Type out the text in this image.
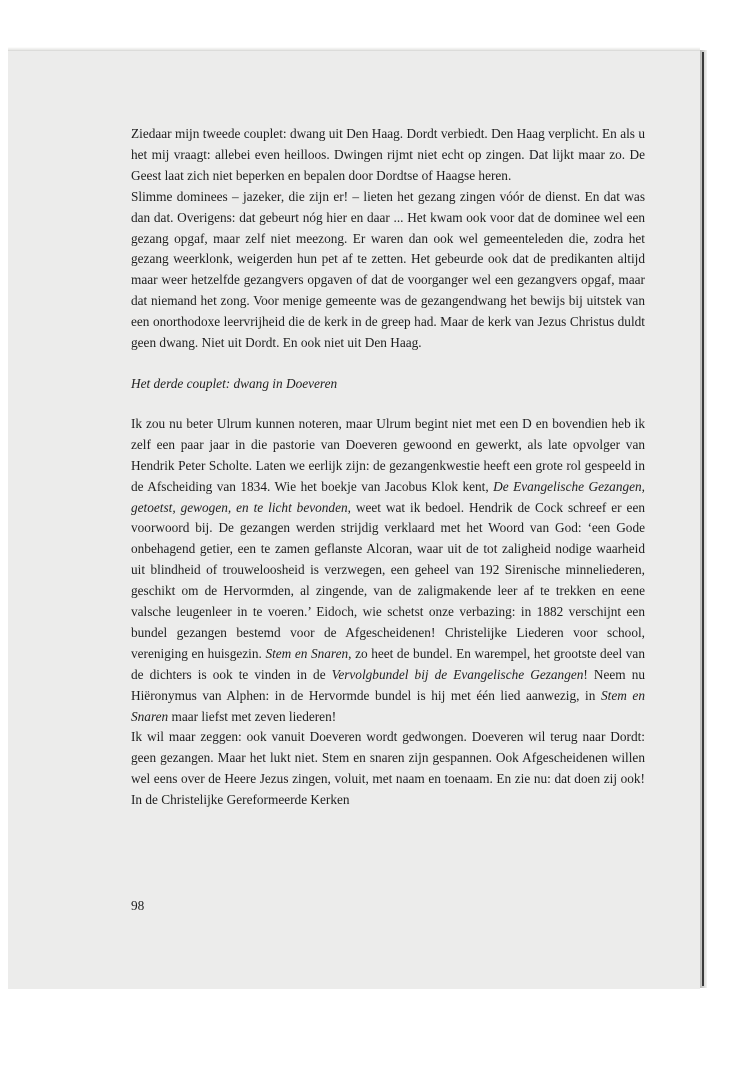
Ziedaar mijn tweede couplet: dwang uit Den Haag. Dordt verbiedt. Den Haag verplicht. En als u het mij vraagt: allebei even heilloos. Dwingen rijmt niet echt op zingen. Dat lijkt maar zo. De Geest laat zich niet beperken en bepalen door Dordtse of Haagse heren.

Slimme dominees – jazeker, die zijn er! – lieten het gezang zingen vóór de dienst. En dat was dan dat. Overigens: dat gebeurt nóg hier en daar ... Het kwam ook voor dat de dominee wel een gezang opgaf, maar zelf niet meezong. Er waren dan ook wel gemeenteleden die, zodra het gezang weerklonk, weigerden hun pet af te zetten. Het gebeurde ook dat de predikanten altijd maar weer hetzelfde gezangvers opgaven of dat de voorganger wel een gezangvers opgaf, maar dat niemand het zong. Voor menige gemeente was de gezangendwang het bewijs bij uitstek van een onorthodoxe leervrijheid die de kerk in de greep had. Maar de kerk van Jezus Christus duldt geen dwang. Niet uit Dordt. En ook niet uit Den Haag.

Het derde couplet: dwang in Doeveren

Ik zou nu beter Ulrum kunnen noteren, maar Ulrum begint niet met een D en bovendien heb ik zelf een paar jaar in die pastorie van Doeveren gewoond en gewerkt, als late opvolger van Hendrik Peter Scholte. Laten we eerlijk zijn: de gezangenkwestie heeft een grote rol gespeeld in de Afscheiding van 1834. Wie het boekje van Jacobus Klok kent, De Evangelische Gezangen, getoetst, gewogen, en te licht bevonden, weet wat ik bedoel. Hendrik de Cock schreef er een voorwoord bij. De gezangen werden strijdig verklaard met het Woord van God: ‘een Gode onbehagend getier, een te zamen geflanste Alcoran, waar uit de tot zaligheid nodige waarheid uit blindheid of trouweloosheid is verzwegen, een geheel van 192 Sirenische minneliederen, geschikt om de Hervormden, al zingende, van de zaligmakende leer af te trekken en eene valsche leugenleer in te voeren.’ Eidoch, wie schetst onze verbazing: in 1882 verschijnt een bundel gezangen bestemd voor de Afgescheidenen! Christelijke Liederen voor school, vereniging en huisgezin. Stem en Snaren, zo heet de bundel. En warempel, het grootste deel van de dichters is ook te vinden in de Vervolgbundel bij de Evangelische Gezangen! Neem nu Hiëronymus van Alphen: in de Hervormde bundel is hij met één lied aanwezig, in Stem en Snaren maar liefst met zeven liederen!

Ik wil maar zeggen: ook vanuit Doeveren wordt gedwongen. Doeveren wil terug naar Dordt: geen gezangen. Maar het lukt niet. Stem en snaren zijn gespannen. Ook Afgescheidenen willen wel eens over de Heere Jezus zingen, voluit, met naam en toenaam. En zie nu: dat doen zij ook! In de Christelijke Gereformeerde Kerken

98
